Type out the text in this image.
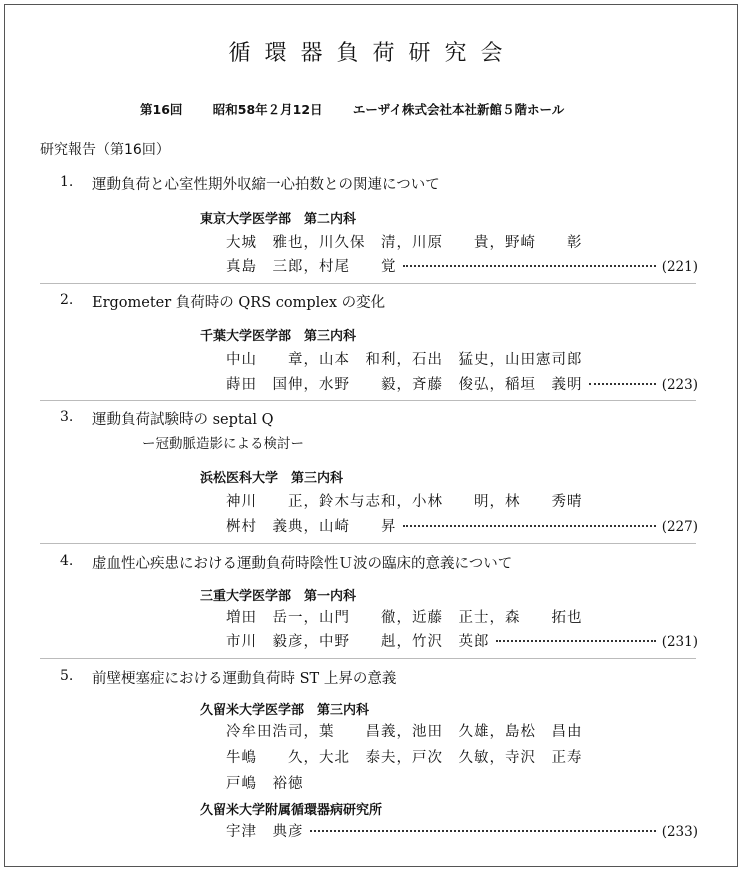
循環器負荷研究会
第16回 昭和58年２月12日 エーザイ株式会社本社新館５階ホール
研究報告（第16回）
1. 運動負荷と心室性期外収縮一心拍数との関連について
東京大学医学部　第二内科
大城　雅也，川久保　清，川原　　貴，野崎　　彰
真島　三郎，村尾　　覚	(221)
2. Ergometer 負荷時の QRS complex の変化
千葉大学医学部　第三内科
中山　　章，山本　和利，石出　猛史，山田憲司郎
蒔田　国伸，水野　　毅，斉藤　俊弘，稲垣　義明	(223)
3. 運動負荷試験時の septal Q
ー冠動脈造影による検討ー
浜松医科大学　第三内科
神川　　正，鈴木与志和，小林　　明，林　　秀晴
桝村　義典，山崎　　昇	(227)
4. 虚血性心疾患における運動負荷時陰性Ｕ波の臨床的意義について
三重大学医学部　第一内科
増田　岳一，山門　　徹，近藤　正士，森　　拓也
市川　毅彦，中野　　赳，竹沢　英郎	(231)
5. 前壁梗塞症における運動負荷時 ST 上昇の意義
久留米大学医学部　第三内科
冷牟田浩司，葉　　昌義，池田　久雄，島松　昌由
牛嶋　　久，大北　泰夫，戸次　久敏，寺沢　正寿
戸嶋　裕徳
久留米大学附属循環器病研究所
宇津　典彦	(233)
